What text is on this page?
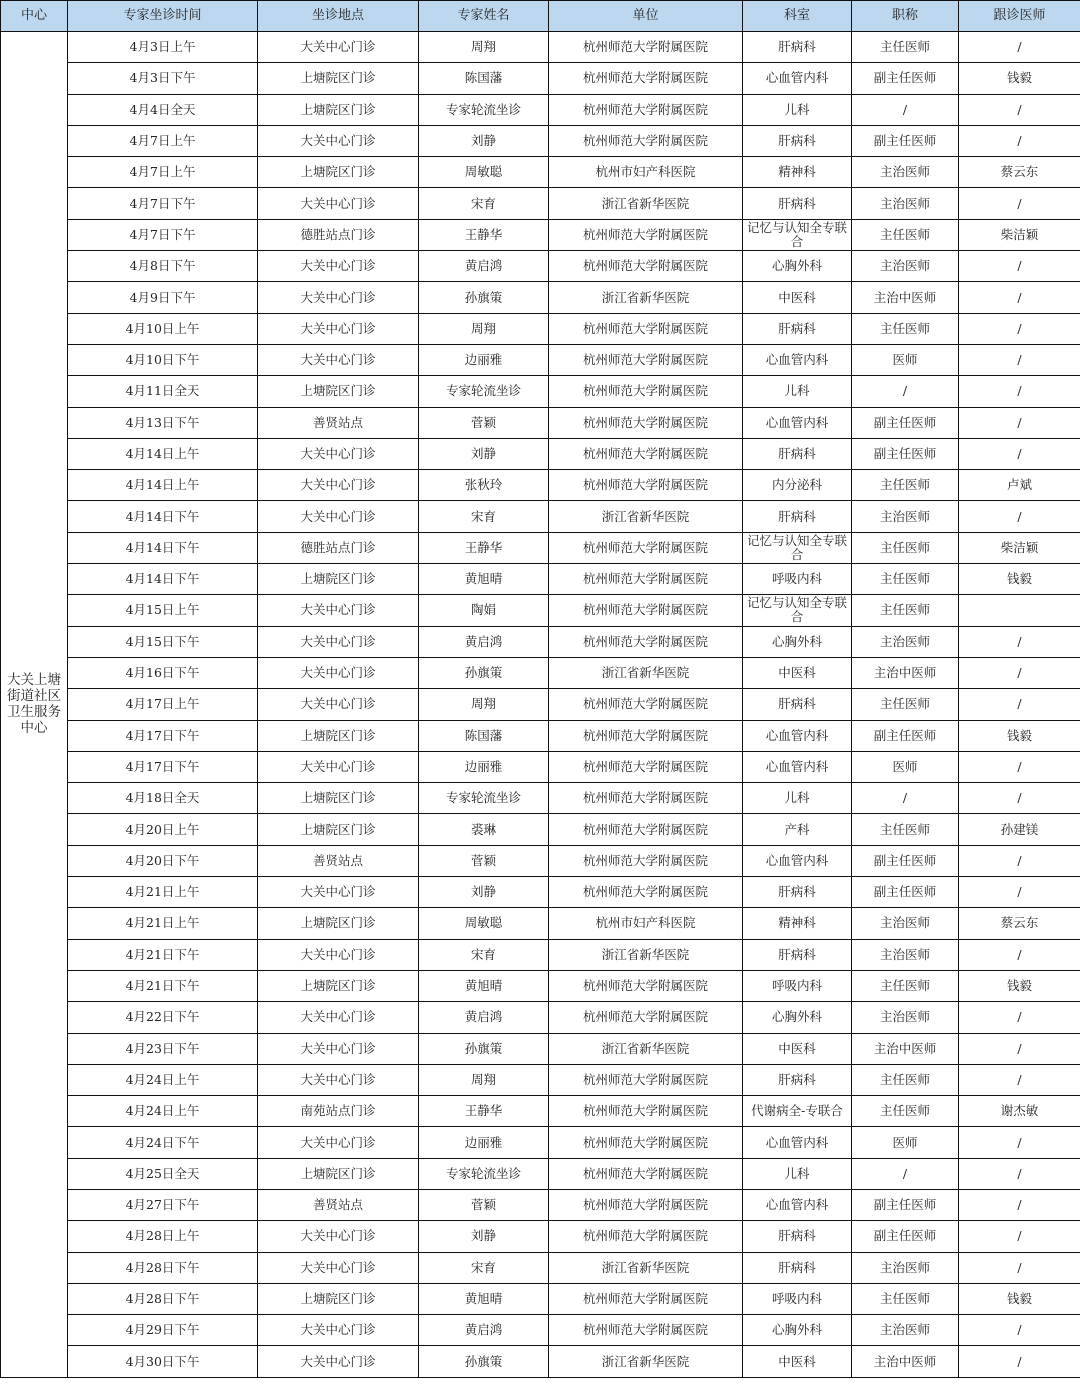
中心	专家坐诊时间	坐诊地点	专家姓名	单位	科室	职称	跟诊医师
大关上塘街道社区卫生服务中心	4月3日上午	大关中心门诊	周翔	杭州师范大学附属医院	肝病科	主任医师	/
	4月3日下午	上塘院区门诊	陈国藩	杭州师范大学附属医院	心血管内科	副主任医师	钱毅
	4月4日全天	上塘院区门诊	专家轮流坐诊	杭州师范大学附属医院	儿科	/	/
	4月7日上午	大关中心门诊	刘静	杭州师范大学附属医院	肝病科	副主任医师	/
	4月7日上午	上塘院区门诊	周敏聪	杭州市妇产科医院	精神科	主治医师	蔡云东
	4月7日下午	大关中心门诊	宋育	浙江省新华医院	肝病科	主治医师	/
	4月7日下午	德胜站点门诊	王静华	杭州师范大学附属医院	记忆与认知全专联合	主任医师	柴洁颖
	4月8日下午	大关中心门诊	黄启鸿	杭州师范大学附属医院	心胸外科	主治医师	/
	4月9日下午	大关中心门诊	孙旗策	浙江省新华医院	中医科	主治中医师	/
	4月10日上午	大关中心门诊	周翔	杭州师范大学附属医院	肝病科	主任医师	/
	4月10日下午	大关中心门诊	边丽雅	杭州师范大学附属医院	心血管内科	医师	/
	4月11日全天	上塘院区门诊	专家轮流坐诊	杭州师范大学附属医院	儿科	/	/
	4月13日下午	善贤站点	菅颖	杭州师范大学附属医院	心血管内科	副主任医师	/
	4月14日上午	大关中心门诊	刘静	杭州师范大学附属医院	肝病科	副主任医师	/
	4月14日上午	大关中心门诊	张秋玲	杭州师范大学附属医院	内分泌科	主任医师	卢斌
	4月14日下午	大关中心门诊	宋育	浙江省新华医院	肝病科	主治医师	/
	4月14日下午	德胜站点门诊	王静华	杭州师范大学附属医院	记忆与认知全专联合	主任医师	柴洁颖
	4月14日下午	上塘院区门诊	黄旭晴	杭州师范大学附属医院	呼吸内科	主任医师	钱毅
	4月15日上午	大关中心门诊	陶娟	杭州师范大学附属医院	记忆与认知全专联合	主任医师	
	4月15日下午	大关中心门诊	黄启鸿	杭州师范大学附属医院	心胸外科	主治医师	/
	4月16日下午	大关中心门诊	孙旗策	浙江省新华医院	中医科	主治中医师	/
	4月17日上午	大关中心门诊	周翔	杭州师范大学附属医院	肝病科	主任医师	/
	4月17日下午	上塘院区门诊	陈国藩	杭州师范大学附属医院	心血管内科	副主任医师	钱毅
	4月17日下午	大关中心门诊	边丽雅	杭州师范大学附属医院	心血管内科	医师	/
	4月18日全天	上塘院区门诊	专家轮流坐诊	杭州师范大学附属医院	儿科	/	/
	4月20日上午	上塘院区门诊	裘琳	杭州师范大学附属医院	产科	主任医师	孙建镁
	4月20日下午	善贤站点	菅颖	杭州师范大学附属医院	心血管内科	副主任医师	/
	4月21日上午	大关中心门诊	刘静	杭州师范大学附属医院	肝病科	副主任医师	/
	4月21日上午	上塘院区门诊	周敏聪	杭州市妇产科医院	精神科	主治医师	蔡云东
	4月21日下午	大关中心门诊	宋育	浙江省新华医院	肝病科	主治医师	/
	4月21日下午	上塘院区门诊	黄旭晴	杭州师范大学附属医院	呼吸内科	主任医师	钱毅
	4月22日下午	大关中心门诊	黄启鸿	杭州师范大学附属医院	心胸外科	主治医师	/
	4月23日下午	大关中心门诊	孙旗策	浙江省新华医院	中医科	主治中医师	/
	4月24日上午	大关中心门诊	周翔	杭州师范大学附属医院	肝病科	主任医师	/
	4月24日上午	南苑站点门诊	王静华	杭州师范大学附属医院	代谢病全-专联合	主任医师	谢杰敏
	4月24日下午	大关中心门诊	边丽雅	杭州师范大学附属医院	心血管内科	医师	/
	4月25日全天	上塘院区门诊	专家轮流坐诊	杭州师范大学附属医院	儿科	/	/
	4月27日下午	善贤站点	菅颖	杭州师范大学附属医院	心血管内科	副主任医师	/
	4月28日上午	大关中心门诊	刘静	杭州师范大学附属医院	肝病科	副主任医师	/
	4月28日下午	大关中心门诊	宋育	浙江省新华医院	肝病科	主治医师	/
	4月28日下午	上塘院区门诊	黄旭晴	杭州师范大学附属医院	呼吸内科	主任医师	钱毅
	4月29日下午	大关中心门诊	黄启鸿	杭州师范大学附属医院	心胸外科	主治医师	/
	4月30日下午	大关中心门诊	孙旗策	浙江省新华医院	中医科	主治中医师	/
